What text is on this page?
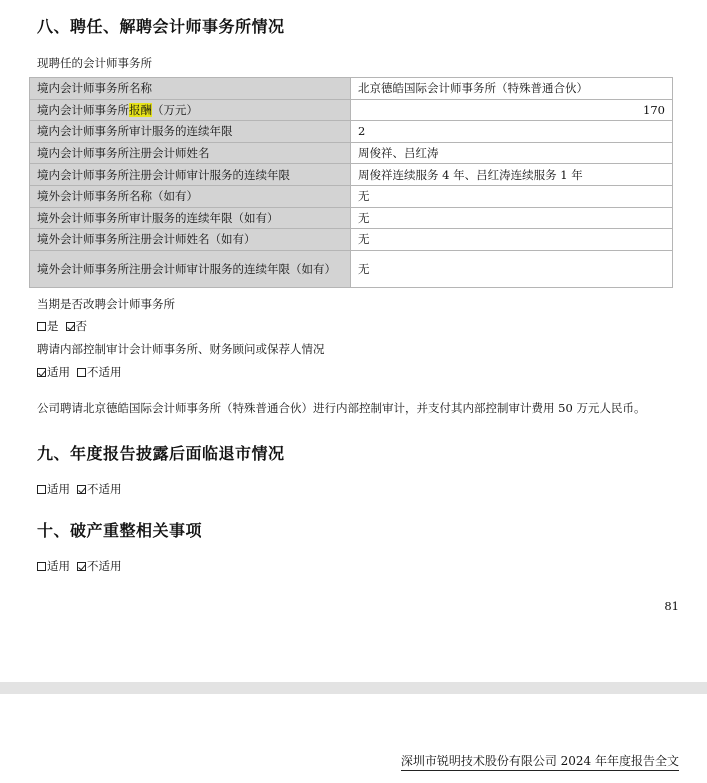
八、聘任、解聘会计师事务所情况
现聘任的会计师事务所
境内会计师事务所名称	北京德皓国际会计师事务所（特殊普通合伙）
境内会计师事务所报酬（万元）	170
境内会计师事务所审计服务的连续年限	2
境内会计师事务所注册会计师姓名	周俊祥、吕红涛
境内会计师事务所注册会计师审计服务的连续年限	周俊祥连续服务 4 年、吕红涛连续服务 1 年
境外会计师事务所名称（如有）	无
境外会计师事务所审计服务的连续年限（如有）	无
境外会计师事务所注册会计师姓名（如有）	无
境外会计师事务所注册会计师审计服务的连续年限（如有）	无
当期是否改聘会计师事务所
是 否
聘请内部控制审计会计师事务所、财务顾问或保荐人情况
适用 不适用
公司聘请北京德皓国际会计师事务所（特殊普通合伙）进行内部控制审计，并支付其内部控制审计费用 50 万元人民币。
九、年度报告披露后面临退市情况
适用 不适用
十、破产重整相关事项
适用 不适用
81
深圳市锐明技术股份有限公司 2024 年年度报告全文
